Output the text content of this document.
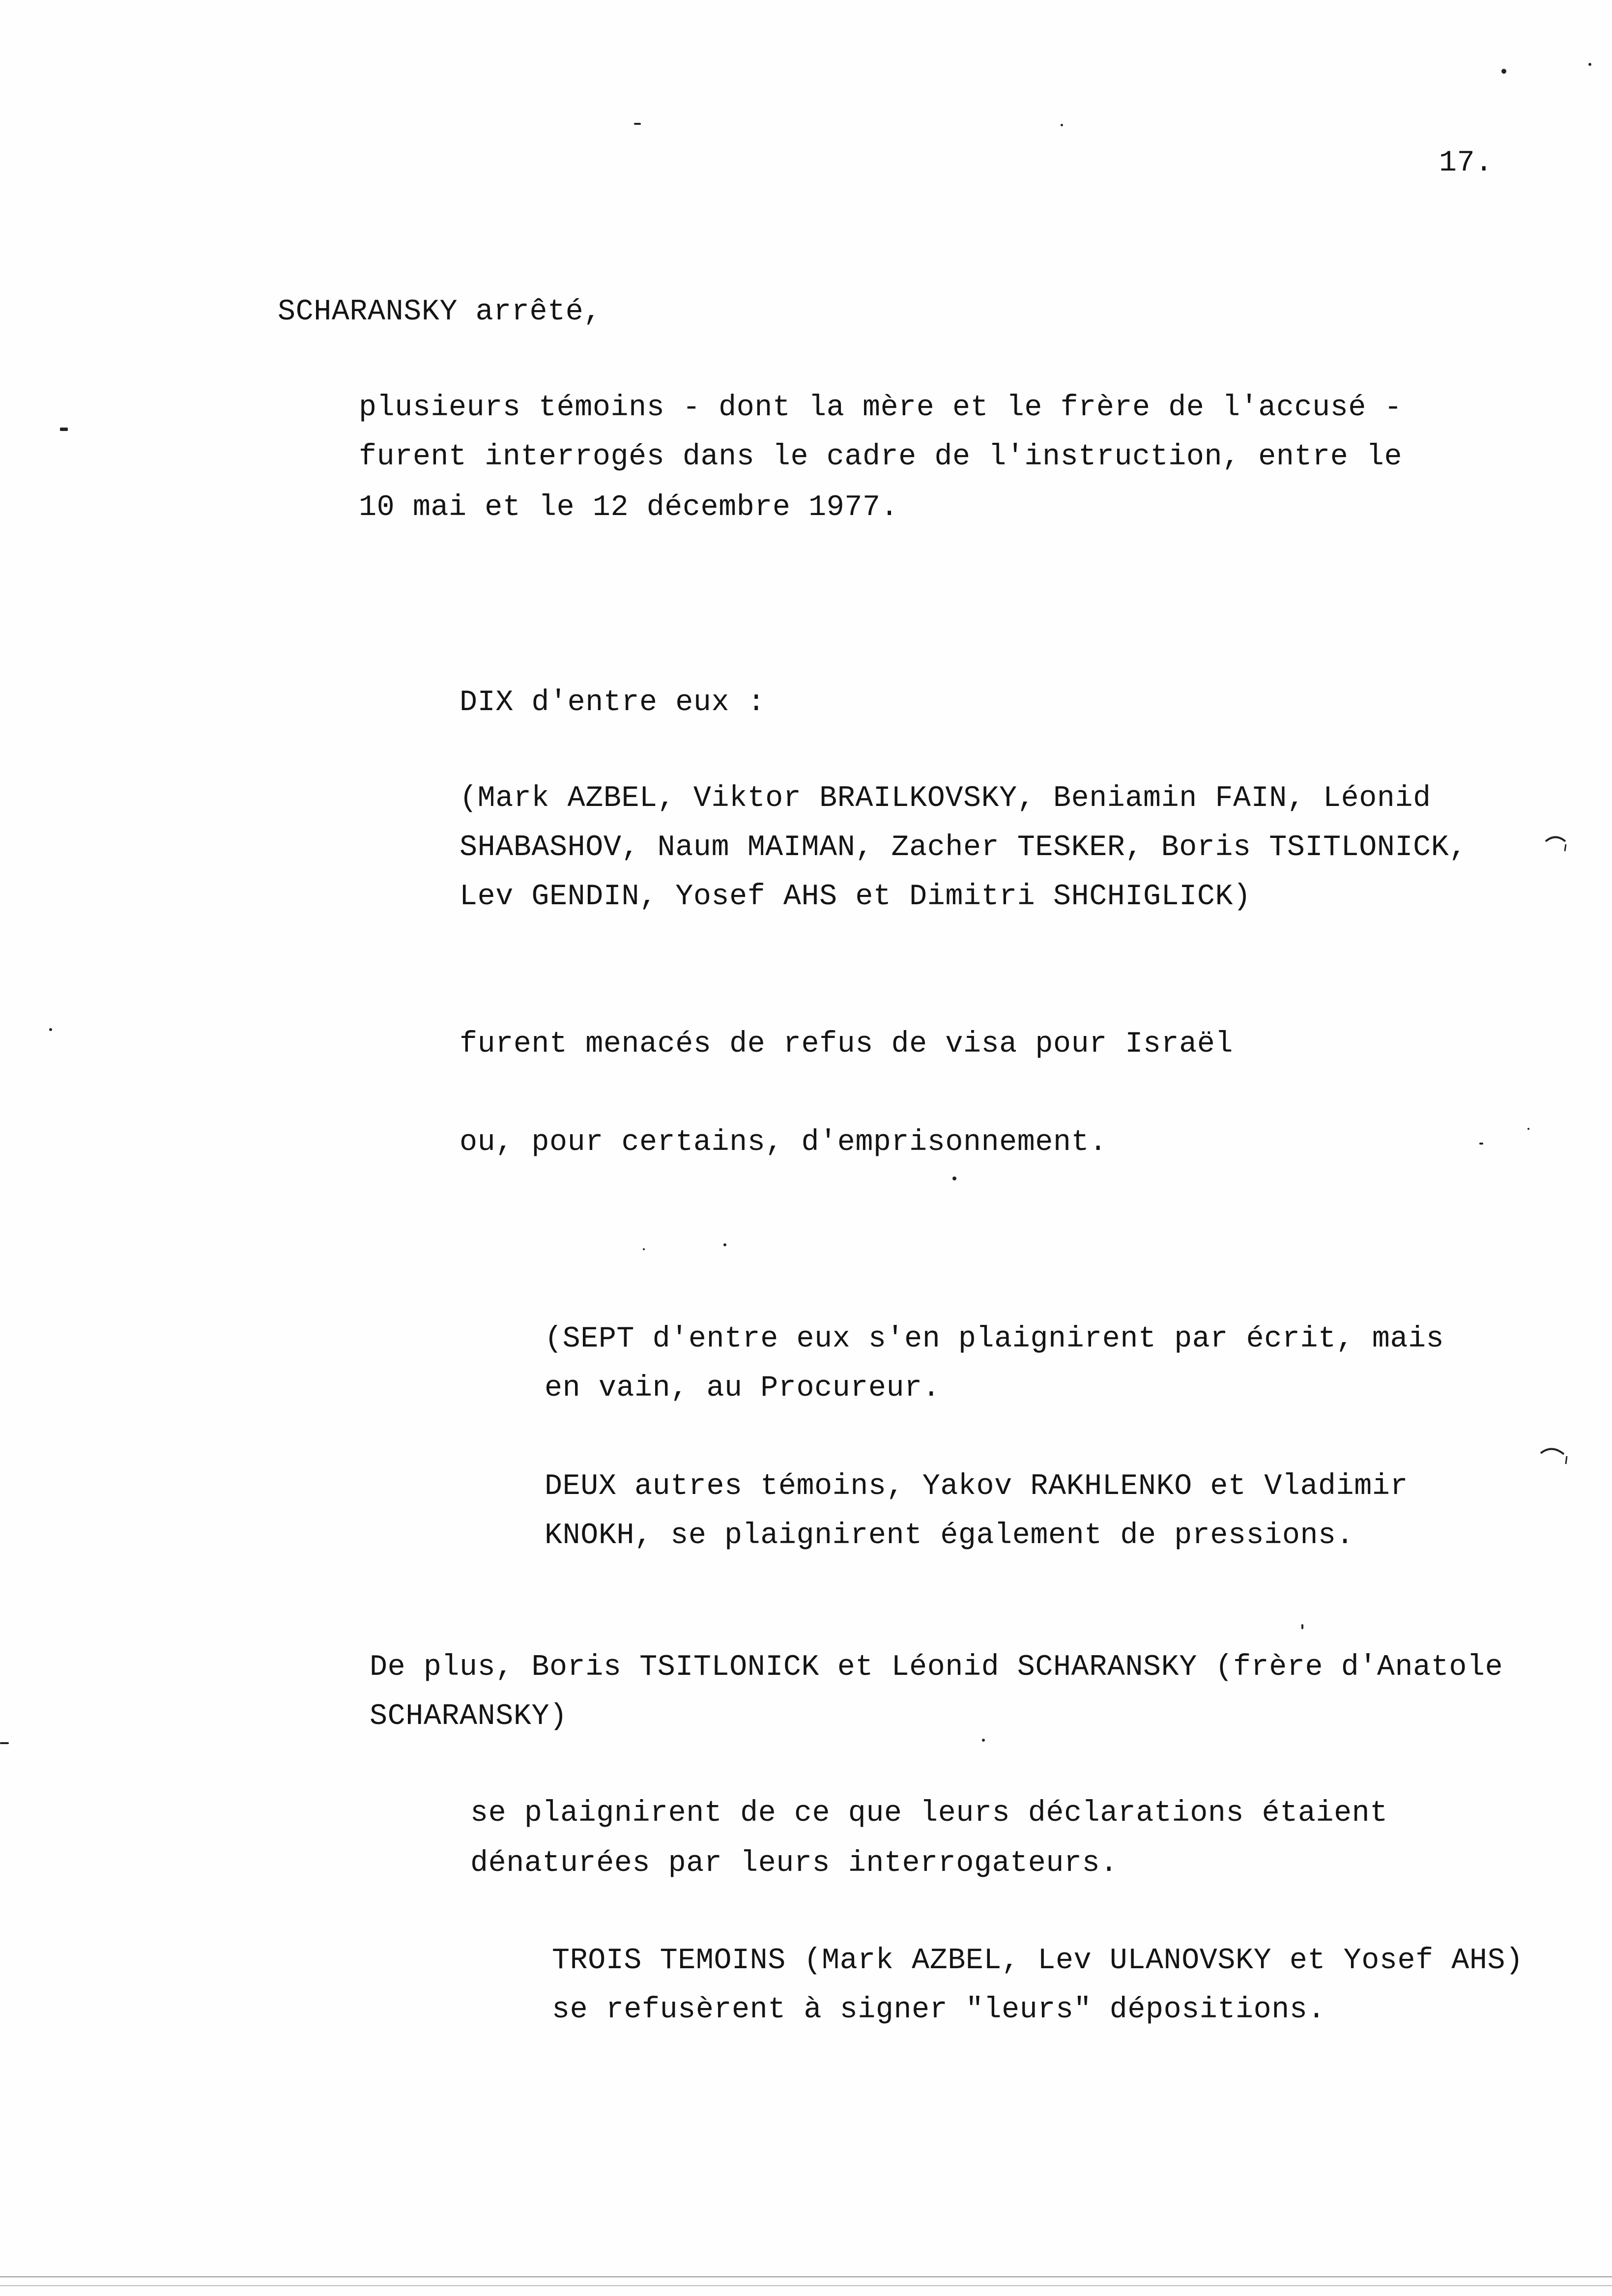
17.

SCHARANSKY arrêté,

plusieurs témoins - dont la mère et le frère de l'accusé -

furent interrogés dans le cadre de l'instruction, entre le

10 mai et le 12 décembre 1977.

DIX d'entre eux :

(Mark AZBEL, Viktor BRAILKOVSKY, Beniamin FAIN, Léonid

SHABASHOV, Naum MAIMAN, Zacher TESKER, Boris TSITLONICK,

Lev GENDIN, Yosef AHS et Dimitri SHCHIGLICK)

furent menacés de refus de visa pour Israël

ou, pour certains, d'emprisonnement.

(SEPT d'entre eux s'en plaignirent par écrit, mais

en vain, au Procureur.

DEUX autres témoins, Yakov RAKHLENKO et Vladimir

KNOKH, se plaignirent également de pressions.

De plus, Boris TSITLONICK et Léonid SCHARANSKY (frère d'Anatole

SCHARANSKY)

se plaignirent de ce que leurs déclarations étaient

dénaturées par leurs interrogateurs.

TROIS TEMOINS (Mark AZBEL, Lev ULANOVSKY et Yosef AHS)

se refusèrent à signer "leurs" dépositions.
